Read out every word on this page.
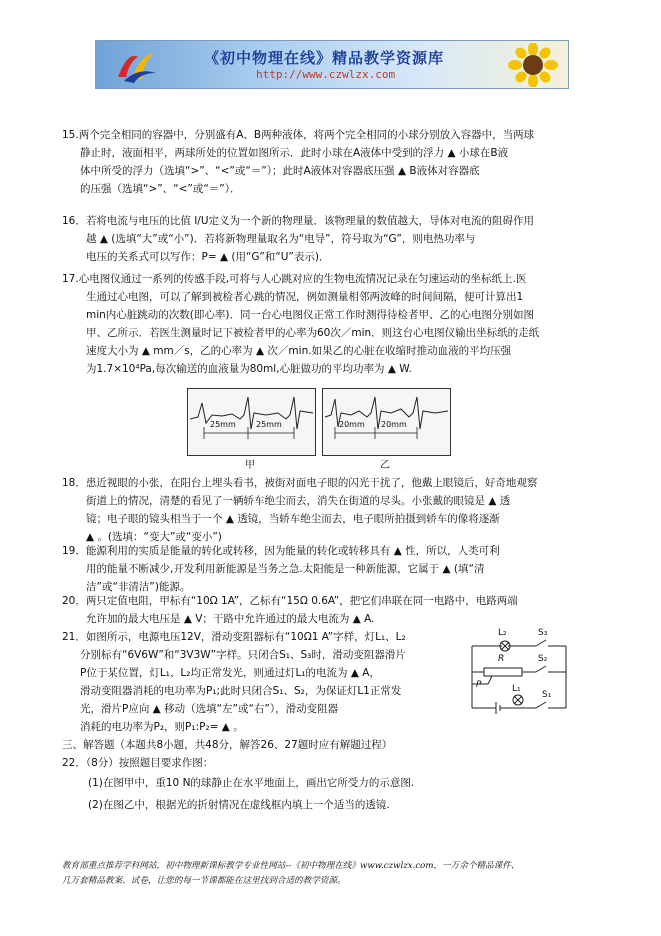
《初中物理在线》精品教学资源库
http://www.czwlzx.com
15.两个完全相同的容器中，分别盛有A、B两种液体，将两个完全相同的小球分别放入容器中，当两球
静止时，液面相平，两球所处的位置如图所示．此时小球在A液体中受到的浮力 ▲ 小球在B液
体中所受的浮力（选填“>”、“<”或“＝”）；此时A液体对容器底压强 ▲ B液体对容器底
的压强（选填“>”、“<”或“＝”）．
16．若将电流与电压的比值 I/U定义为一个新的物理量．该物理量的数值越大，导体对电流的阻碍作用
越 ▲ (选填“大”或“小”)．若将新物理量取名为“电导”，符号取为“G”，则电热功率与
电压的关系式可以写作：P= ▲ (用“G”和“U”表示)．
17.心电图仪通过一系列的传感手段,可将与人心跳对应的生物电流情况记录在匀速运动的坐标纸上.医
生通过心电图，可以了解到被检者心跳的情况，例如测量相邻两波峰的时间间隔，便可计算出1
min内心脏跳动的次数(即心率)．同一台心电图仪正常工作时测得待检者甲、乙的心电图分别如图
甲、乙所示．若医生测量时记下被检者甲的心率为60次／min．则这台心电图仪输出坐标纸的走纸
速度大小为 ▲ mm／s，乙的心率为 ▲ 次／min.如果乙的心脏在收缩时推动血液的平均压强
为1.7×10⁴Pa,每次输送的血液量为80ml,心脏做功的平均功率为 ▲ W.
25mm	25mm	20mm 20mm
甲	乙
18．患近视眼的小张，在阳台上埋头看书，被街对面电子眼的闪光干扰了，他戴上眼镜后，好奇地观察
街道上的情况，清楚的看见了一辆轿车绝尘而去，消失在街道的尽头。小张戴的眼镜是 ▲ 透
镜；电子眼的镜头相当于一个 ▲ 透镜，当轿车绝尘而去，电子眼所拍摄到轿车的像将逐渐
▲ 。(选填：“变大”或“变小”)
19．能源利用的实质是能量的转化或转移，因为能量的转化或转移具有 ▲ 性，所以，人类可利
用的能量不断减少,开发利用新能源是当务之急.太阳能是一种新能源，它属于 ▲ (填“清
洁”或“非清洁”)能源。
20．两只定值电阻，甲标有“10Ω 1A”，乙标有“15Ω 0.6A”，把它们串联在同一电路中，电路两端
允许加的最大电压是 ▲ V；干路中允许通过的最大电流为 ▲ A.
21．如图所示，电源电压12V，滑动变阻器标有“10Ω1 A”字样，灯L₁、L₂
分别标有“6V6W”和“3V3W”字样。只闭合S₁、S₃时，滑动变阻器滑片
P位于某位置，灯L₁、L₂均正常发光，则通过灯L₁的电流为 ▲ A，
滑动变阻器消耗的电功率为P₁;此时只闭合S₁、S₂，为保证灯L1正常发
光，滑片P应向 ▲ 移动（选填“左”或“右”），滑动变阻器
消耗的电功率为P₂，则P₁:P₂= ▲ 。
L₂	S₃
R	S₂
P	L₁
S₁
三、解答题（本题共8小题，共48分，解答26、27题时应有解题过程）
22．（8分）按照题目要求作图：
(1)在图甲中，重10 N的球静止在水平地面上，画出它所受力的示意图.
(2)在图乙中，根据光的折射情况在虚线框内填上一个适当的透镜.
教育部重点推荐学科网站，初中物理新课标教学专业性网站--《初中物理在线》www.czwlzx.com，一万余个精品课件、
几万套精品教案、试卷，让您的每一节课都能在这里找到合适的教学资源。
